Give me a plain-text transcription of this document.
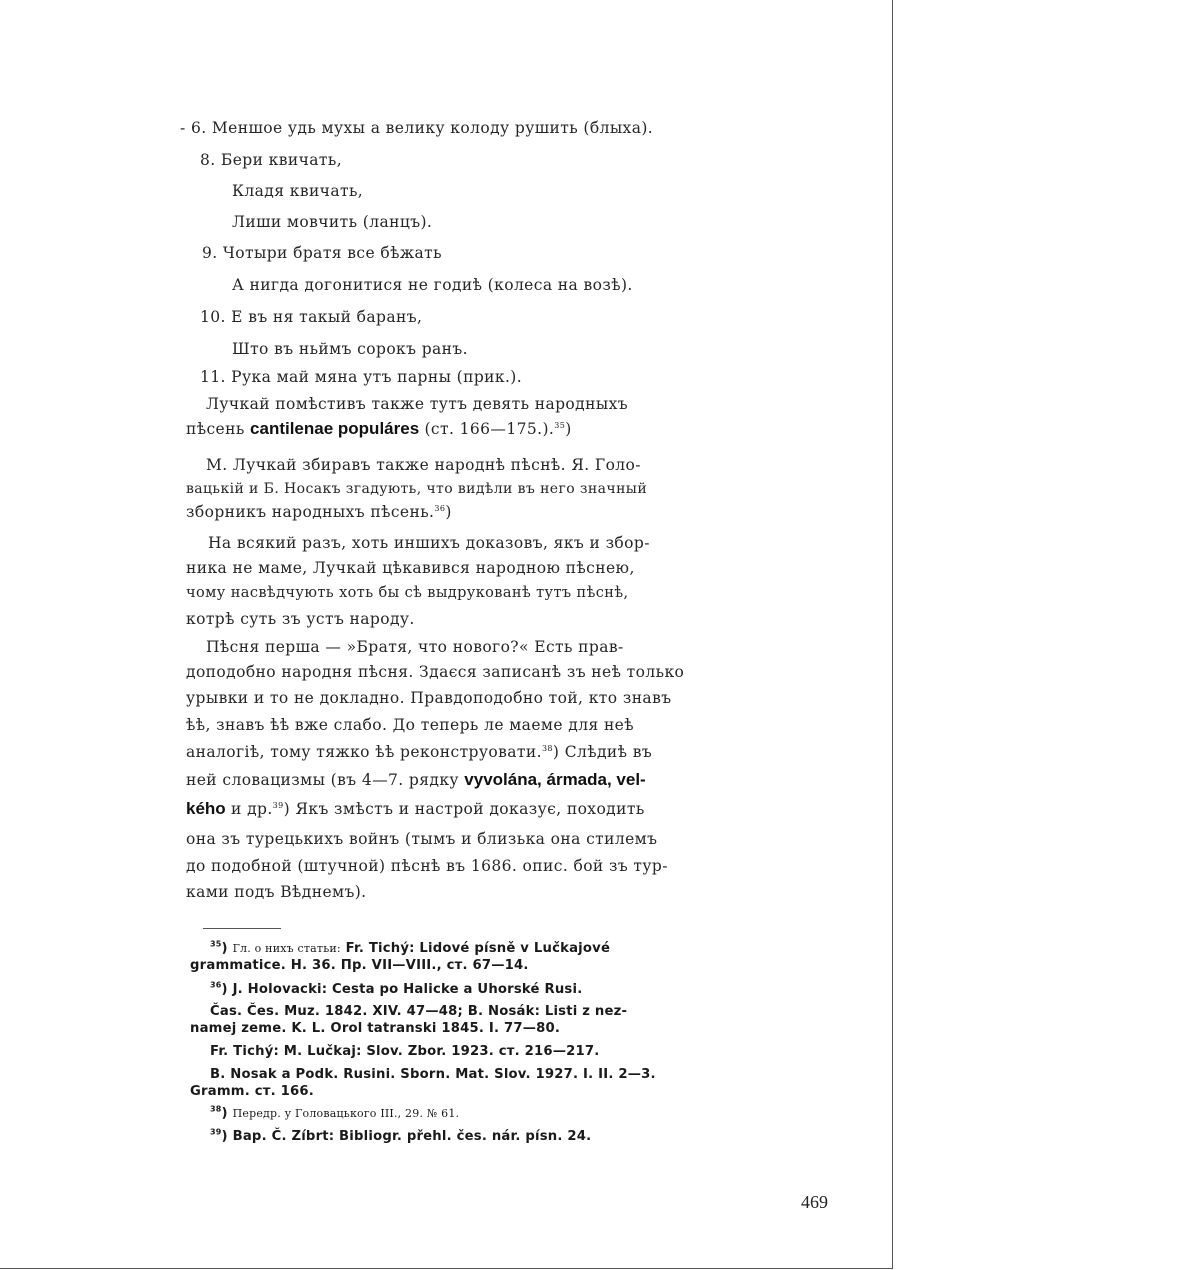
- 6. Меншое удь мухы а велику колоду рушить (блыха).
8. Бери квичать,
Кладя квичать,
Лиши мовчить (ланцъ).
9. Чотыри братя все бѣжать
А нигда догонитися не годиѣ (колеса на возѣ).
10. Е въ ня такый баранъ,
Што въ ньймъ сорокъ ранъ.
11. Рука май мяна утъ парны (прик.).
Лучкай помѣстивъ также тутъ девять народныхъ
пѣсень cantilenae populáres (ст. 166—175.).$^{35}$)
М. Лучкай збиравъ также народнѣ пѣснѣ. Я. Голо-
вацькiй и Б. Носакъ згадують, что видѣли въ него значный
зборникъ народныхъ пѣсень.$^{36}$)
На всякий разъ, хоть иншихъ доказовъ, якъ и збор-
ника не маме, Лучкай цѣкавився народною пѣснею,
чому насвѣдчують хоть бы сѣ выдрукованѣ тутъ пѣснѣ,
котрѣ суть зъ устъ народу.
Пѣсня перша — »Братя, что нового?« Есть прав-
доподобно народня пѣсня. Здаєся записанѣ зъ неѣ только
урывки и то не докладно. Правдоподобно той, кто знавъ
ѣѣ, знавъ ѣѣ вже слабо. До теперь ле маеме для неѣ
аналогiѣ, тому тяжко ѣѣ реконструовати.$^{38}$) Слѣдиѣ въ
ней словацизмы (въ 4—7. рядку vyvolána, ármada, vel-
kého и др.$^{39}$) Якъ змѣстъ и настрой доказує, походить
она зъ турецькихъ войнъ (тымъ и близька она стилемъ
до подобной (штучной) пѣснѣ въ 1686. опис. бой зъ тур-
ками подъ Вѣднемъ).
$^{35}$) Гл. о нихъ статьи: Fr. Tichý: Lidové písně v Lučkajové
grammatice. Н. 36. Пр. VII—VIII., ст. 67—14.
$^{36}$) J. Holovacki: Cesta po Halicke a Uhorské Rusi.
Čas. Čes. Muz. 1842. XIV. 47—48; B. Nosák: Listi z nez-
namej zeme. K. L. Orol tatranski 1845. I. 77—80.
Fr. Tichý: M. Lučkaj: Slov. Zbor. 1923. ст. 216—217.
B. Nosak a Podk. Rusini. Sborn. Mat. Slov. 1927. I. II. 2—3.
Gramm. ст. 166.
$^{38}$) Передр. у Головацького III., 29. № 61.
$^{39}$) Bap. Č. Zíbrt: Bibliogr. přehl. čes. nár. písn. 24.
469
